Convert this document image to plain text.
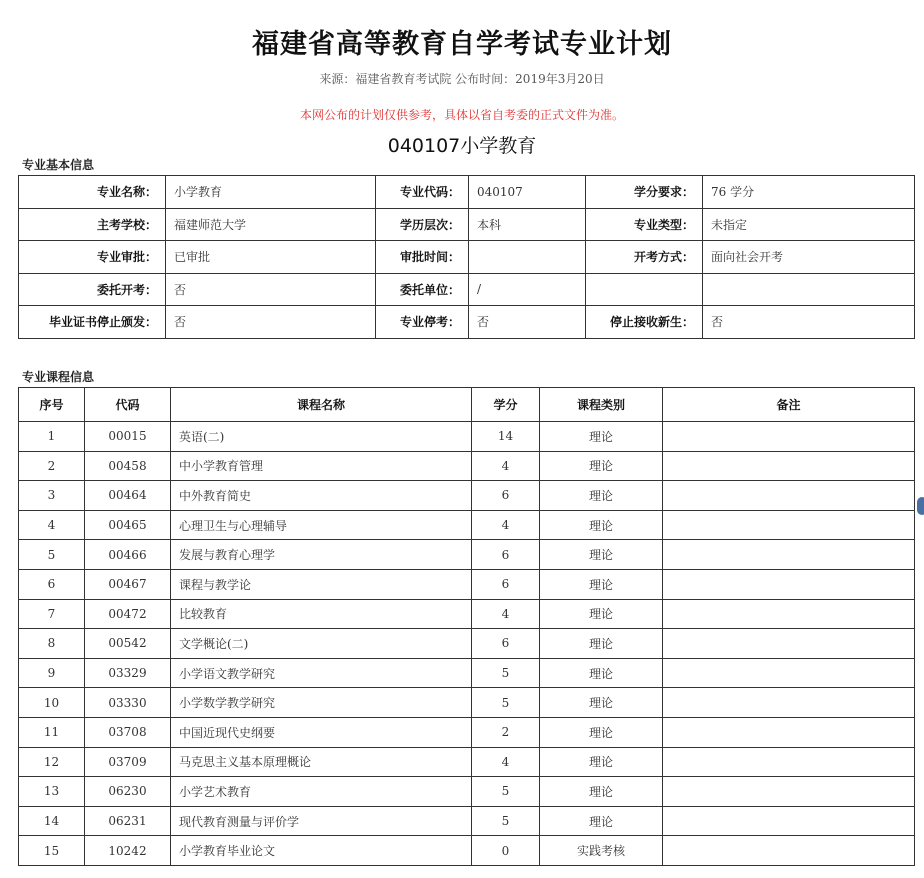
福建省高等教育自学考试专业计划
来源：福建省教育考试院 公布时间：2019年3月20日
本网公布的计划仅供参考，具体以省自考委的正式文件为准。
040107小学教育
专业基本信息
专业名称：	小学教育	专业代码：	040107	学分要求：	76 学分
主考学校：	福建师范大学	学历层次：	本科	专业类型：	未指定
专业审批：	已审批	审批时间：		开考方式：	面向社会开考
委托开考：	否	委托单位：	/		
毕业证书停止颁发：	否	专业停考：	否	停止接收新生：	否
专业课程信息
序号	代码	课程名称	学分	课程类别	备注
1	00015	英语(二)	14	理论	
2	00458	中小学教育管理	4	理论	
3	00464	中外教育简史	6	理论	
4	00465	心理卫生与心理辅导	4	理论	
5	00466	发展与教育心理学	6	理论	
6	00467	课程与教学论	6	理论	
7	00472	比较教育	4	理论	
8	00542	文学概论(二)	6	理论	
9	03329	小学语文教学研究	5	理论	
10	03330	小学数学教学研究	5	理论	
11	03708	中国近现代史纲要	2	理论	
12	03709	马克思主义基本原理概论	4	理论	
13	06230	小学艺术教育	5	理论	
14	06231	现代教育测量与评价学	5	理论	
15	10242	小学教育毕业论文	0	实践考核	
